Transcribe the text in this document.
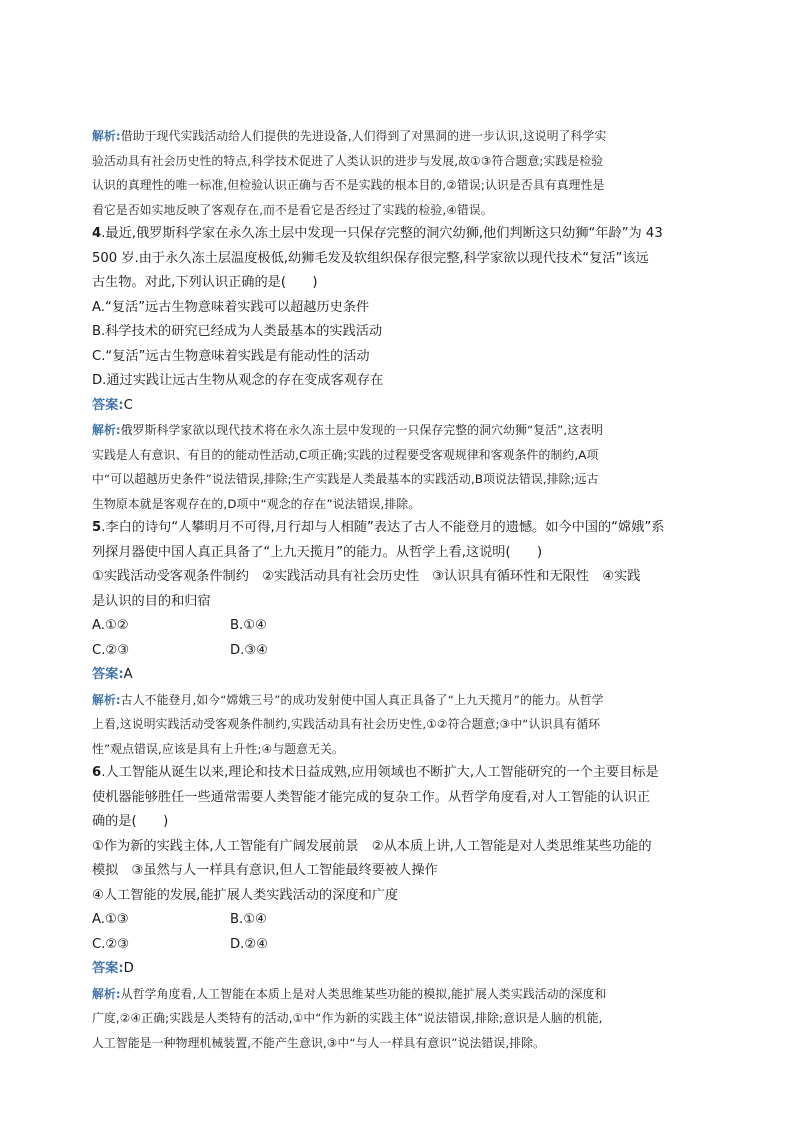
解析:借助于现代实践活动给人们提供的先进设备,人们得到了对黑洞的进一步认识,这说明了科学实
验活动具有社会历史性的特点,科学技术促进了人类认识的进步与发展,故①③符合题意;实践是检验
认识的真理性的唯一标准,但检验认识正确与否不是实践的根本目的,②错误;认识是否具有真理性是
看它是否如实地反映了客观存在,而不是看它是否经过了实践的检验,④错误。
4.最近,俄罗斯科学家在永久冻土层中发现一只保存完整的洞穴幼狮,他们判断这只幼狮“年龄”为 43
500 岁.由于永久冻土层温度极低,幼狮毛发及软组织保存很完整,科学家欲以现代技术“复活”该远
古生物。对此,下列认识正确的是(　　)
A.“复活”远古生物意味着实践可以超越历史条件
B.科学技术的研究已经成为人类最基本的实践活动
C.“复活”远古生物意味着实践是有能动性的活动
D.通过实践让远古生物从观念的存在变成客观存在
答案:C
解析:俄罗斯科学家欲以现代技术将在永久冻土层中发现的一只保存完整的洞穴幼狮“复活”,这表明
实践是人有意识、有目的的能动性活动,C项正确;实践的过程要受客观规律和客观条件的制约,A项
中“可以超越历史条件”说法错误,排除;生产实践是人类最基本的实践活动,B项说法错误,排除;远古
生物原本就是客观存在的,D项中“观念的存在”说法错误,排除。
5.李白的诗句“人攀明月不可得,月行却与人相随”表达了古人不能登月的遗憾。如今中国的“嫦娥”系
列探月器使中国人真正具备了“上九天揽月”的能力。从哲学上看,这说明(　　)
①实践活动受客观条件制约　②实践活动具有社会历史性　③认识具有循环性和无限性　④实践
是认识的目的和归宿
A.①②	B.①④
C.②③	D.③④
答案:A
解析:古人不能登月,如今“嫦娥三号”的成功发射使中国人真正具备了“上九天揽月”的能力。从哲学
上看,这说明实践活动受客观条件制约,实践活动具有社会历史性,①②符合题意;③中“认识具有循环
性”观点错误,应该是具有上升性;④与题意无关。
6.人工智能从诞生以来,理论和技术日益成熟,应用领域也不断扩大,人工智能研究的一个主要目标是
使机器能够胜任一些通常需要人类智能才能完成的复杂工作。从哲学角度看,对人工智能的认识正
确的是(　　)
①作为新的实践主体,人工智能有广阔发展前景　②从本质上讲,人工智能是对人类思维某些功能的
模拟　③虽然与人一样具有意识,但人工智能最终要被人操作
④人工智能的发展,能扩展人类实践活动的深度和广度
A.①③	B.①④
C.②③	D.②④
答案:D
解析:从哲学角度看,人工智能在本质上是对人类思维某些功能的模拟,能扩展人类实践活动的深度和
广度,②④正确;实践是人类特有的活动,①中“作为新的实践主体”说法错误,排除;意识是人脑的机能,
人工智能是一种物理机械装置,不能产生意识,③中“与人一样具有意识”说法错误,排除。
